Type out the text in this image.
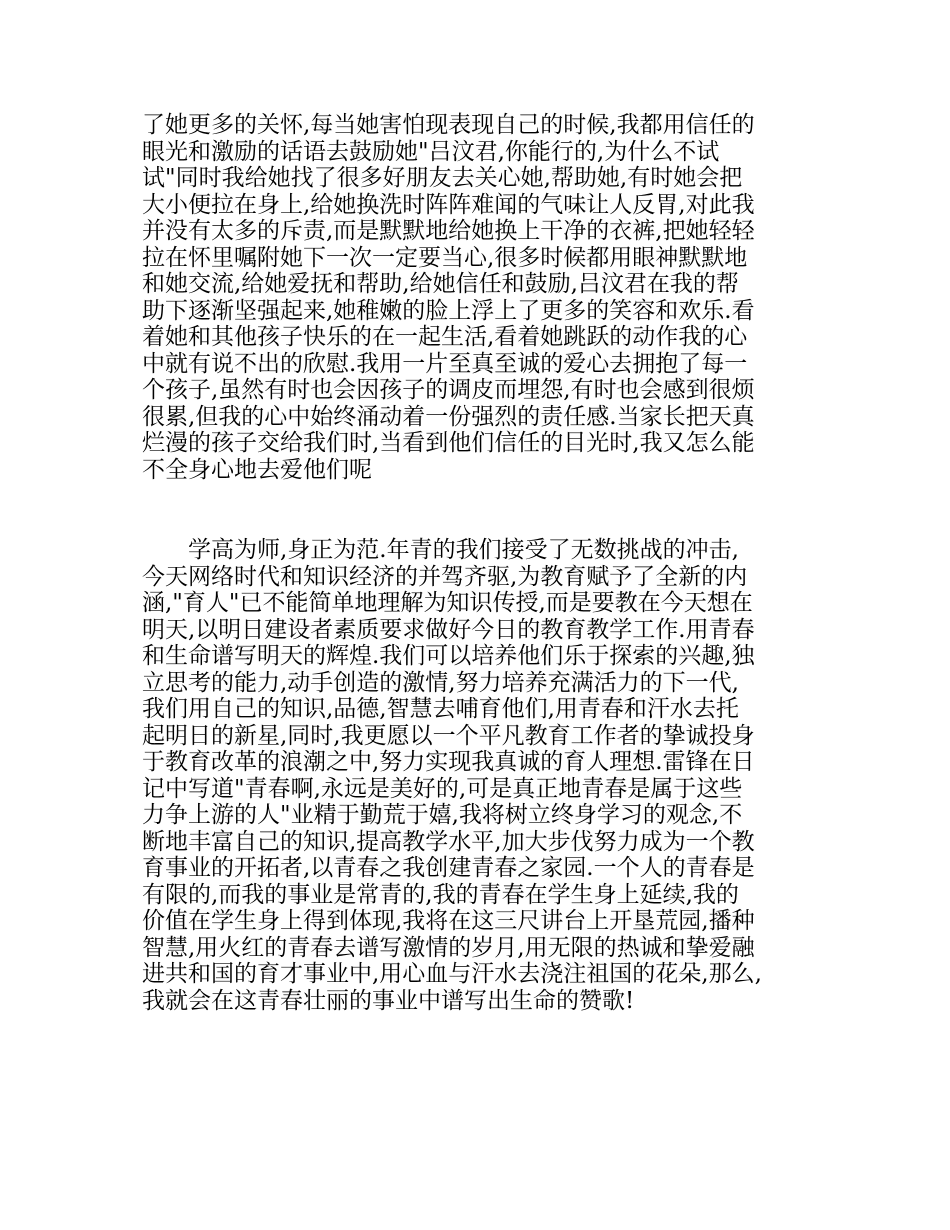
了她更多的关怀,每当她害怕现表现自己的时候,我都用信任的
眼光和激励的话语去鼓励她"吕汶君,你能行的,为什么不试
试"同时我给她找了很多好朋友去关心她,帮助她,有时她会把
大小便拉在身上,给她换洗时阵阵难闻的气味让人反胃,对此我
并没有太多的斥责,而是默默地给她换上干净的衣裤,把她轻轻
拉在怀里嘱附她下一次一定要当心,很多时候都用眼神默默地
和她交流,给她爱抚和帮助,给她信任和鼓励,吕汶君在我的帮
助下逐渐坚强起来,她稚嫩的脸上浮上了更多的笑容和欢乐.看
着她和其他孩子快乐的在一起生活,看着她跳跃的动作我的心
中就有说不出的欣慰.我用一片至真至诚的爱心去拥抱了每一
个孩子,虽然有时也会因孩子的调皮而埋怨,有时也会感到很烦
很累,但我的心中始终涌动着一份强烈的责任感.当家长把天真
烂漫的孩子交给我们时,当看到他们信任的目光时,我又怎么能
不全身心地去爱他们呢
　　学高为师,身正为范.年青的我们接受了无数挑战的冲击,
今天网络时代和知识经济的并驾齐驱,为教育赋予了全新的内
涵,"育人"已不能简单地理解为知识传授,而是要教在今天想在
明天,以明日建设者素质要求做好今日的教育教学工作.用青春
和生命谱写明天的辉煌.我们可以培养他们乐于探索的兴趣,独
立思考的能力,动手创造的激情,努力培养充满活力的下一代,
我们用自己的知识,品德,智慧去哺育他们,用青春和汗水去托
起明日的新星,同时,我更愿以一个平凡教育工作者的挚诚投身
于教育改革的浪潮之中,努力实现我真诚的育人理想.雷锋在日
记中写道"青春啊,永远是美好的,可是真正地青春是属于这些
力争上游的人"业精于勤荒于嬉,我将树立终身学习的观念,不
断地丰富自己的知识,提高教学水平,加大步伐努力成为一个教
育事业的开拓者,以青春之我创建青春之家园.一个人的青春是
有限的,而我的事业是常青的,我的青春在学生身上延续,我的
价值在学生身上得到体现,我将在这三尺讲台上开垦荒园,播种
智慧,用火红的青春去谱写激情的岁月,用无限的热诚和挚爱融
进共和国的育才事业中,用心血与汗水去浇注祖国的花朵,那么,
我就会在这青春壮丽的事业中谱写出生命的赞歌!
